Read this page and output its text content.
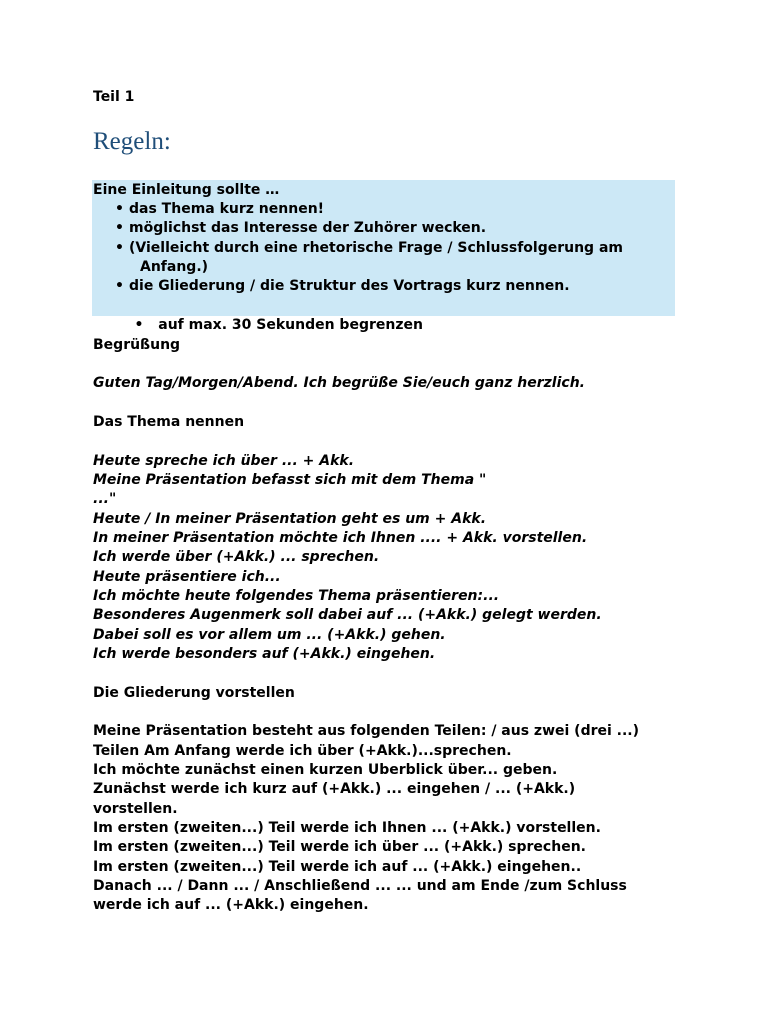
Teil 1
Regeln:
Eine Einleitung sollte …
• das Thema kurz nennen!
• möglichst das Interesse der Zuhörer wecken.
• (Vielleicht durch eine rhetorische Frage / Schlussfolgerung am
Anfang.)
• die Gliederung / die Struktur des Vortrags kurz nennen.

•  auf max. 30 Sekunden begrenzen

Begrüßung
Guten Tag/Morgen/Abend. Ich begrüße Sie/euch ganz herzlich.
Das Thema nennen
Heute spreche ich über ... + Akk.
Meine Präsentation befasst sich mit dem Thema "
..."
Heute / In meiner Präsentation geht es um + Akk.
In meiner Präsentation möchte ich Ihnen .... + Akk. vorstellen.
Ich werde über (+Akk.) ... sprechen.
Heute präsentiere ich...
Ich möchte heute folgendes Thema präsentieren:...
Besonderes Augenmerk soll dabei auf ... (+Akk.) gelegt werden.
Dabei soll es vor allem um ... (+Akk.) gehen.
Ich werde besonders auf (+Akk.) eingehen.
Die Gliederung vorstellen
Meine Präsentation besteht aus folgenden Teilen: / aus zwei (drei ...)
Teilen Am Anfang werde ich über (+Akk.)...sprechen.
Ich möchte zunächst einen kurzen Uberblick über... geben.
Zunächst werde ich kurz auf (+Akk.) ... eingehen / ... (+Akk.)
vorstellen.
Im ersten (zweiten...) Teil werde ich Ihnen ... (+Akk.) vorstellen.
Im ersten (zweiten...) Teil werde ich über ... (+Akk.) sprechen.
Im ersten (zweiten...) Teil werde ich auf ... (+Akk.) eingehen..
Danach ... / Dann ... / Anschließend ... ... und am Ende /zum Schluss
werde ich auf ... (+Akk.) eingehen.
